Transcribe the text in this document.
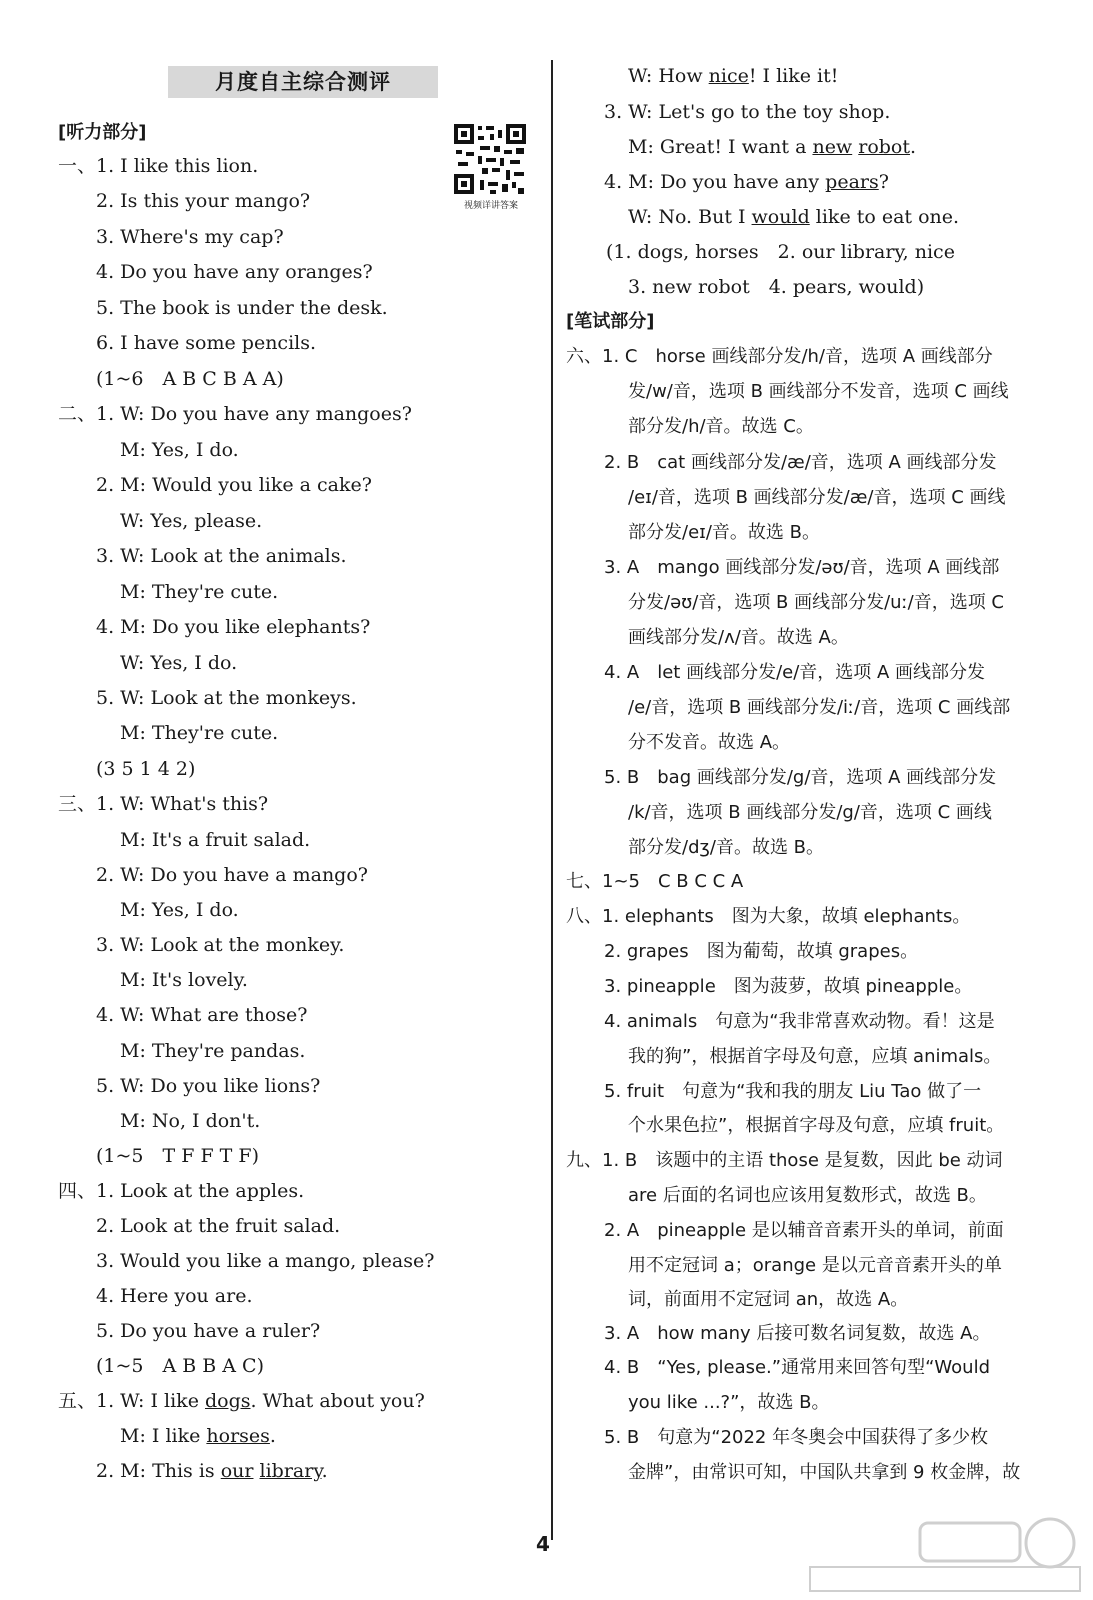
月度自主综合测评
视频详讲答案
[听力部分]
一、1. I like this lion.
2. Is this your mango?
3. Where's my cap?
4. Do you have any oranges?
5. The book is under the desk.
6. I have some pencils.
(1~6　A B C B A A)
二、1. W: Do you have any mangoes?
M: Yes, I do.
2. M: Would you like a cake?
W: Yes, please.
3. W: Look at the animals.
M: They're cute.
4. M: Do you like elephants?
W: Yes, I do.
5. W: Look at the monkeys.
M: They're cute.
(3 5 1 4 2)
三、1. W: What's this?
M: It's a fruit salad.
2. W: Do you have a mango?
M: Yes, I do.
3. W: Look at the monkey.
M: It's lovely.
4. W: What are those?
M: They're pandas.
5. W: Do you like lions?
M: No, I don't.
(1~5　T F F T F)
四、1. Look at the apples.
2. Look at the fruit salad.
3. Would you like a mango, please?
4. Here you are.
5. Do you have a ruler?
(1~5　A B B A C)
五、1. W: I like dogs. What about you?
M: I like horses.
2. M: This is our library.
W: How nice! I like it!
3. W: Let's go to the toy shop.
M: Great! I want a new robot.
4. M: Do you have any pears?
W: No. But I would like to eat one.
(1. dogs, horses　2. our library, nice
3. new robot　4. pears, would)
[笔试部分]
六、1. C　horse 画线部分发/h/音，选项 A 画线部分
发/w/音，选项 B 画线部分不发音，选项 C 画线
部分发/h/音。故选 C。
2. B　cat 画线部分发/æ/音，选项 A 画线部分发
/eɪ/音，选项 B 画线部分发/æ/音，选项 C 画线
部分发/eɪ/音。故选 B。
3. A　mango 画线部分发/əʊ/音，选项 A 画线部
分发/əʊ/音，选项 B 画线部分发/uː/音，选项 C
画线部分发/ʌ/音。故选 A。
4. A　let 画线部分发/e/音，选项 A 画线部分发
/e/音，选项 B 画线部分发/iː/音，选项 C 画线部
分不发音。故选 A。
5. B　bag 画线部分发/g/音，选项 A 画线部分发
/k/音，选项 B 画线部分发/g/音，选项 C 画线
部分发/dʒ/音。故选 B。
七、1~5　C B C C A
八、1. elephants　图为大象，故填 elephants。
2. grapes　图为葡萄，故填 grapes。
3. pineapple　图为菠萝，故填 pineapple。
4. animals　句意为“我非常喜欢动物。看！这是
我的狗”，根据首字母及句意，应填 animals。
5. fruit　句意为“我和我的朋友 Liu Tao 做了一
个水果色拉”，根据首字母及句意，应填 fruit。
九、1. B　该题中的主语 those 是复数，因此 be 动词
are 后面的名词也应该用复数形式，故选 B。
2. A　pineapple 是以辅音音素开头的单词，前面
用不定冠词 a；orange 是以元音音素开头的单
词，前面用不定冠词 an，故选 A。
3. A　how many 后接可数名词复数，故选 A。
4. B　“Yes, please.”通常用来回答句型“Would
you like ...?”，故选 B。
5. B　句意为“2022 年冬奥会中国获得了多少枚
金牌”，由常识可知，中国队共拿到 9 枚金牌，故
4
